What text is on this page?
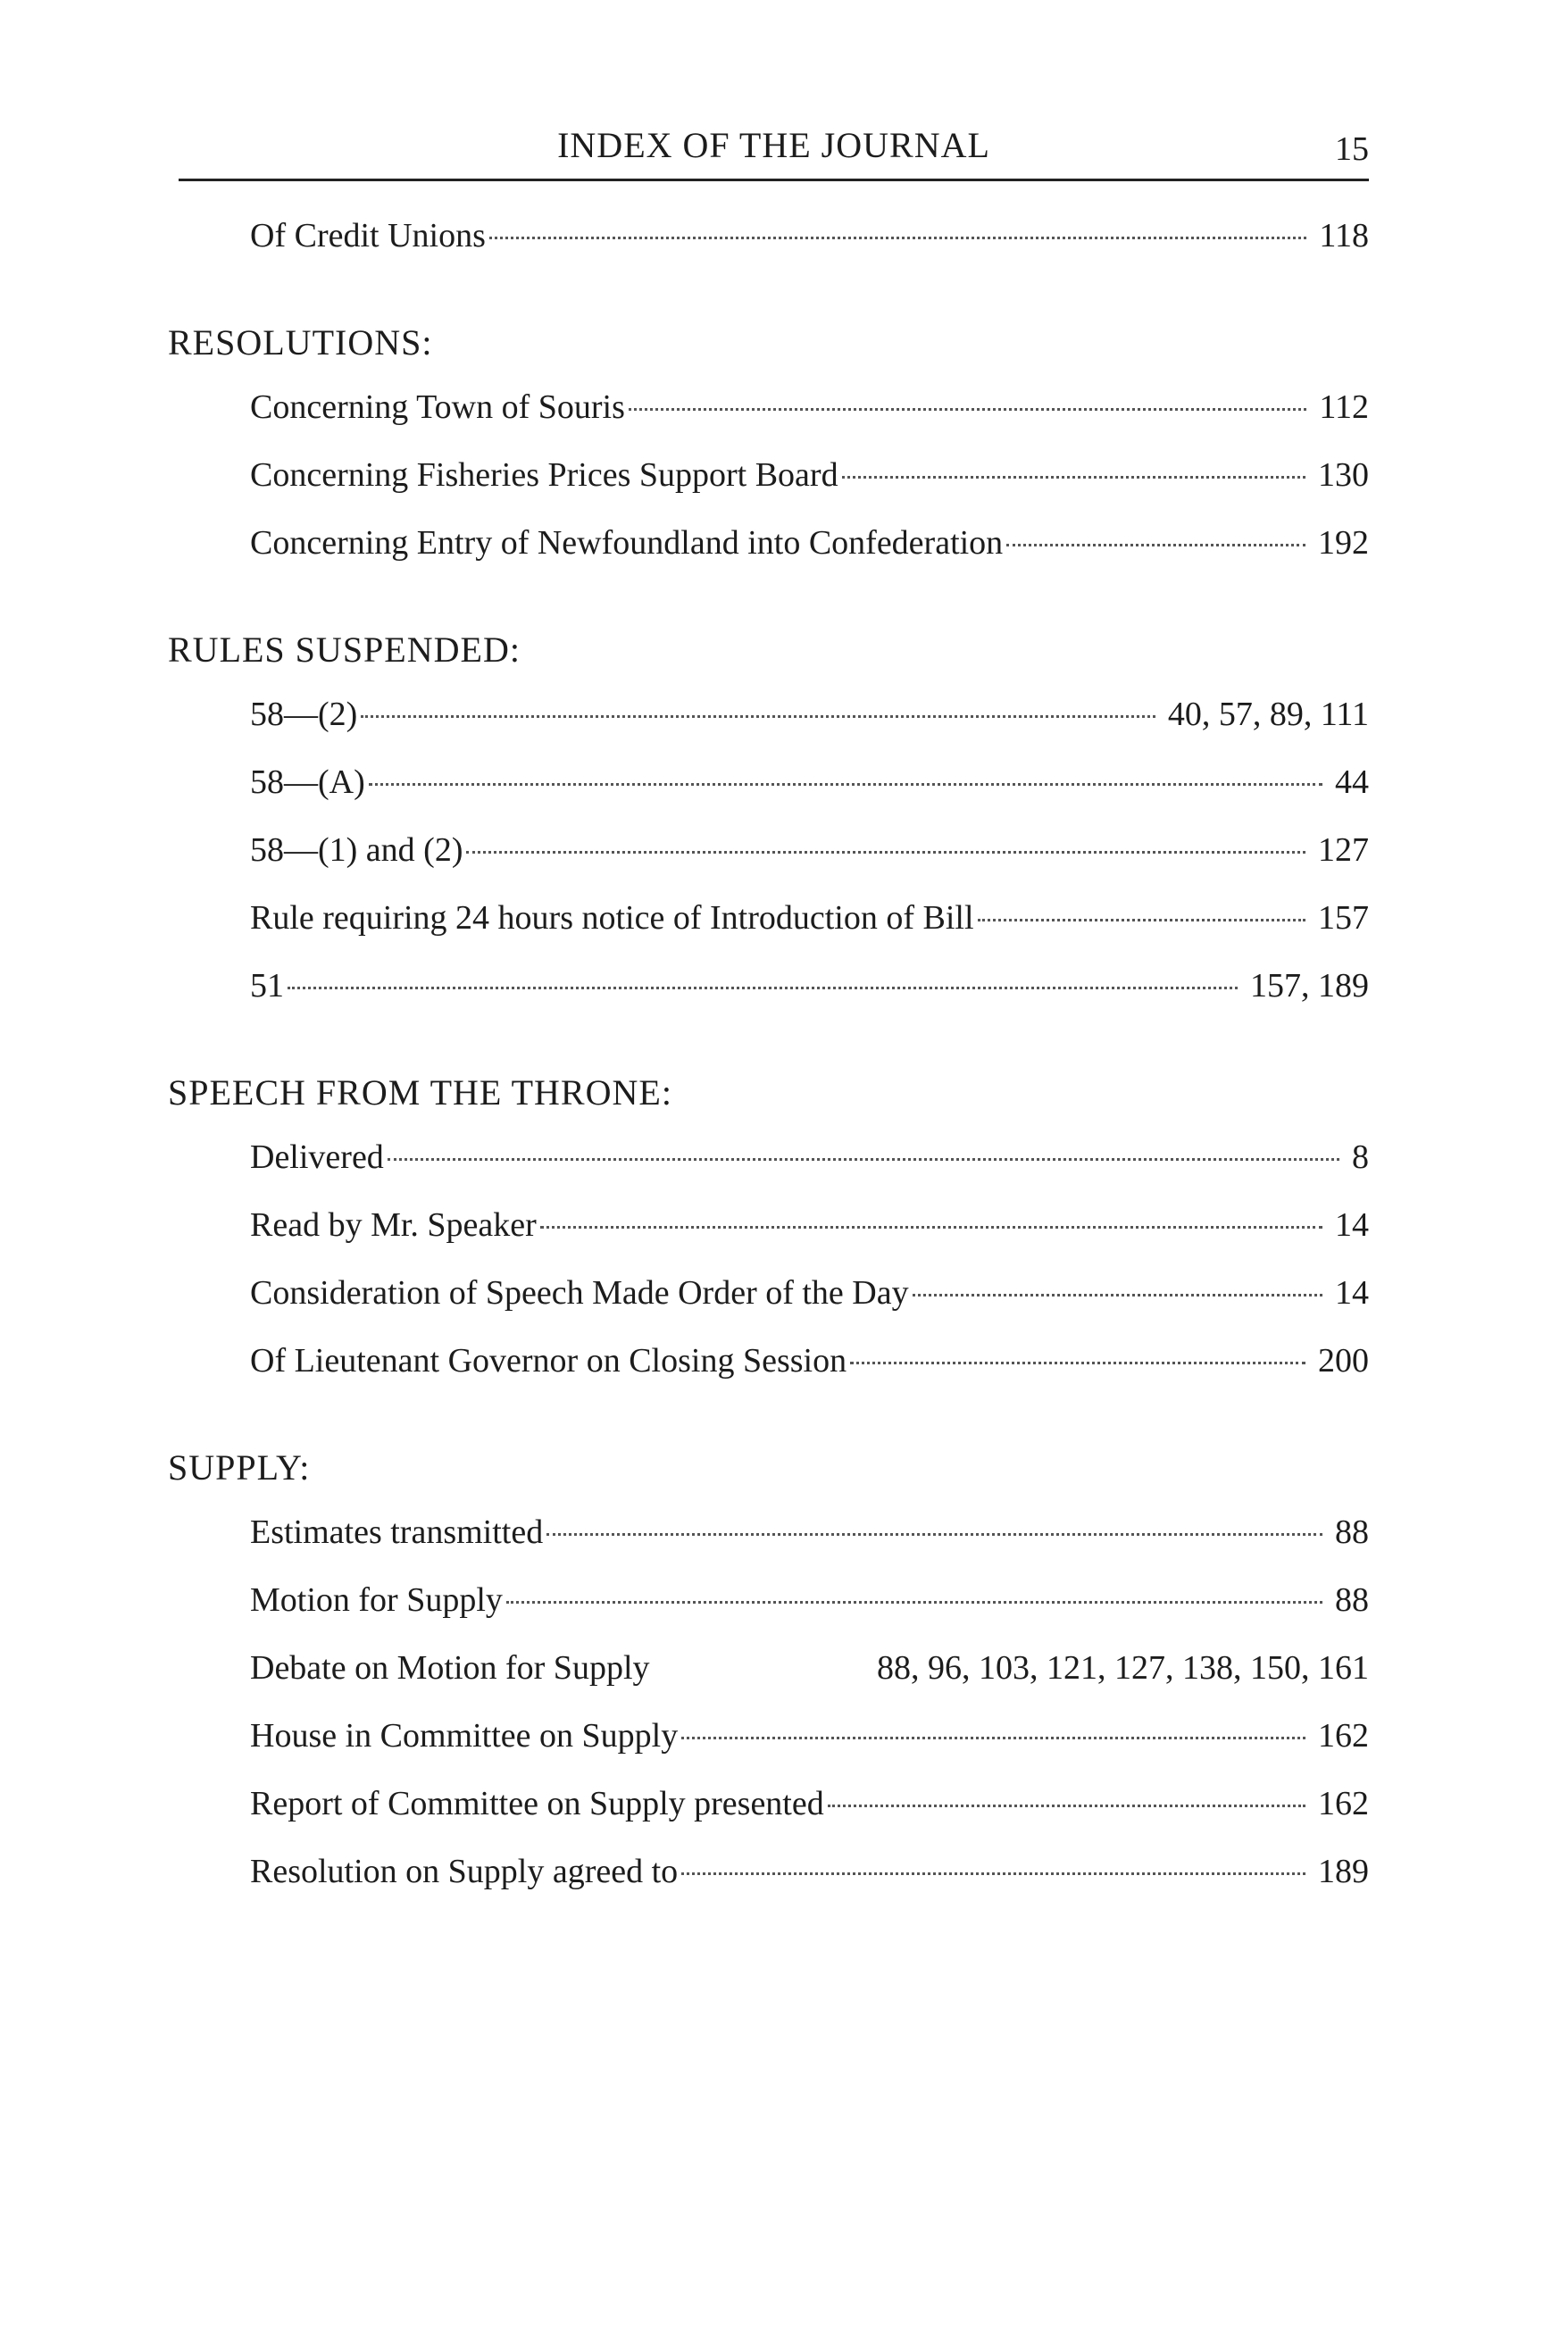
INDEX OF THE JOURNAL	15
Of Credit Unions	118
RESOLUTIONS:
Concerning Town of Souris	112
Concerning Fisheries Prices Support Board	130
Concerning Entry of Newfoundland into Confederation	192
RULES SUSPENDED:
58—(2)	40, 57, 89, 111
58—(A)	44
58—(1) and (2)	127
Rule requiring 24 hours notice of Introduction of Bill	157
51	157, 189
SPEECH FROM THE THRONE:
Delivered	8
Read by Mr. Speaker	14
Consideration of Speech Made Order of the Day	14
Of Lieutenant Governor on Closing Session	200
SUPPLY:
Estimates transmitted	88
Motion for Supply	88
Debate on Motion for Supply	88, 96, 103, 121, 127, 138, 150, 161
House in Committee on Supply	162
Report of Committee on Supply presented	162
Resolution on Supply agreed to	189
